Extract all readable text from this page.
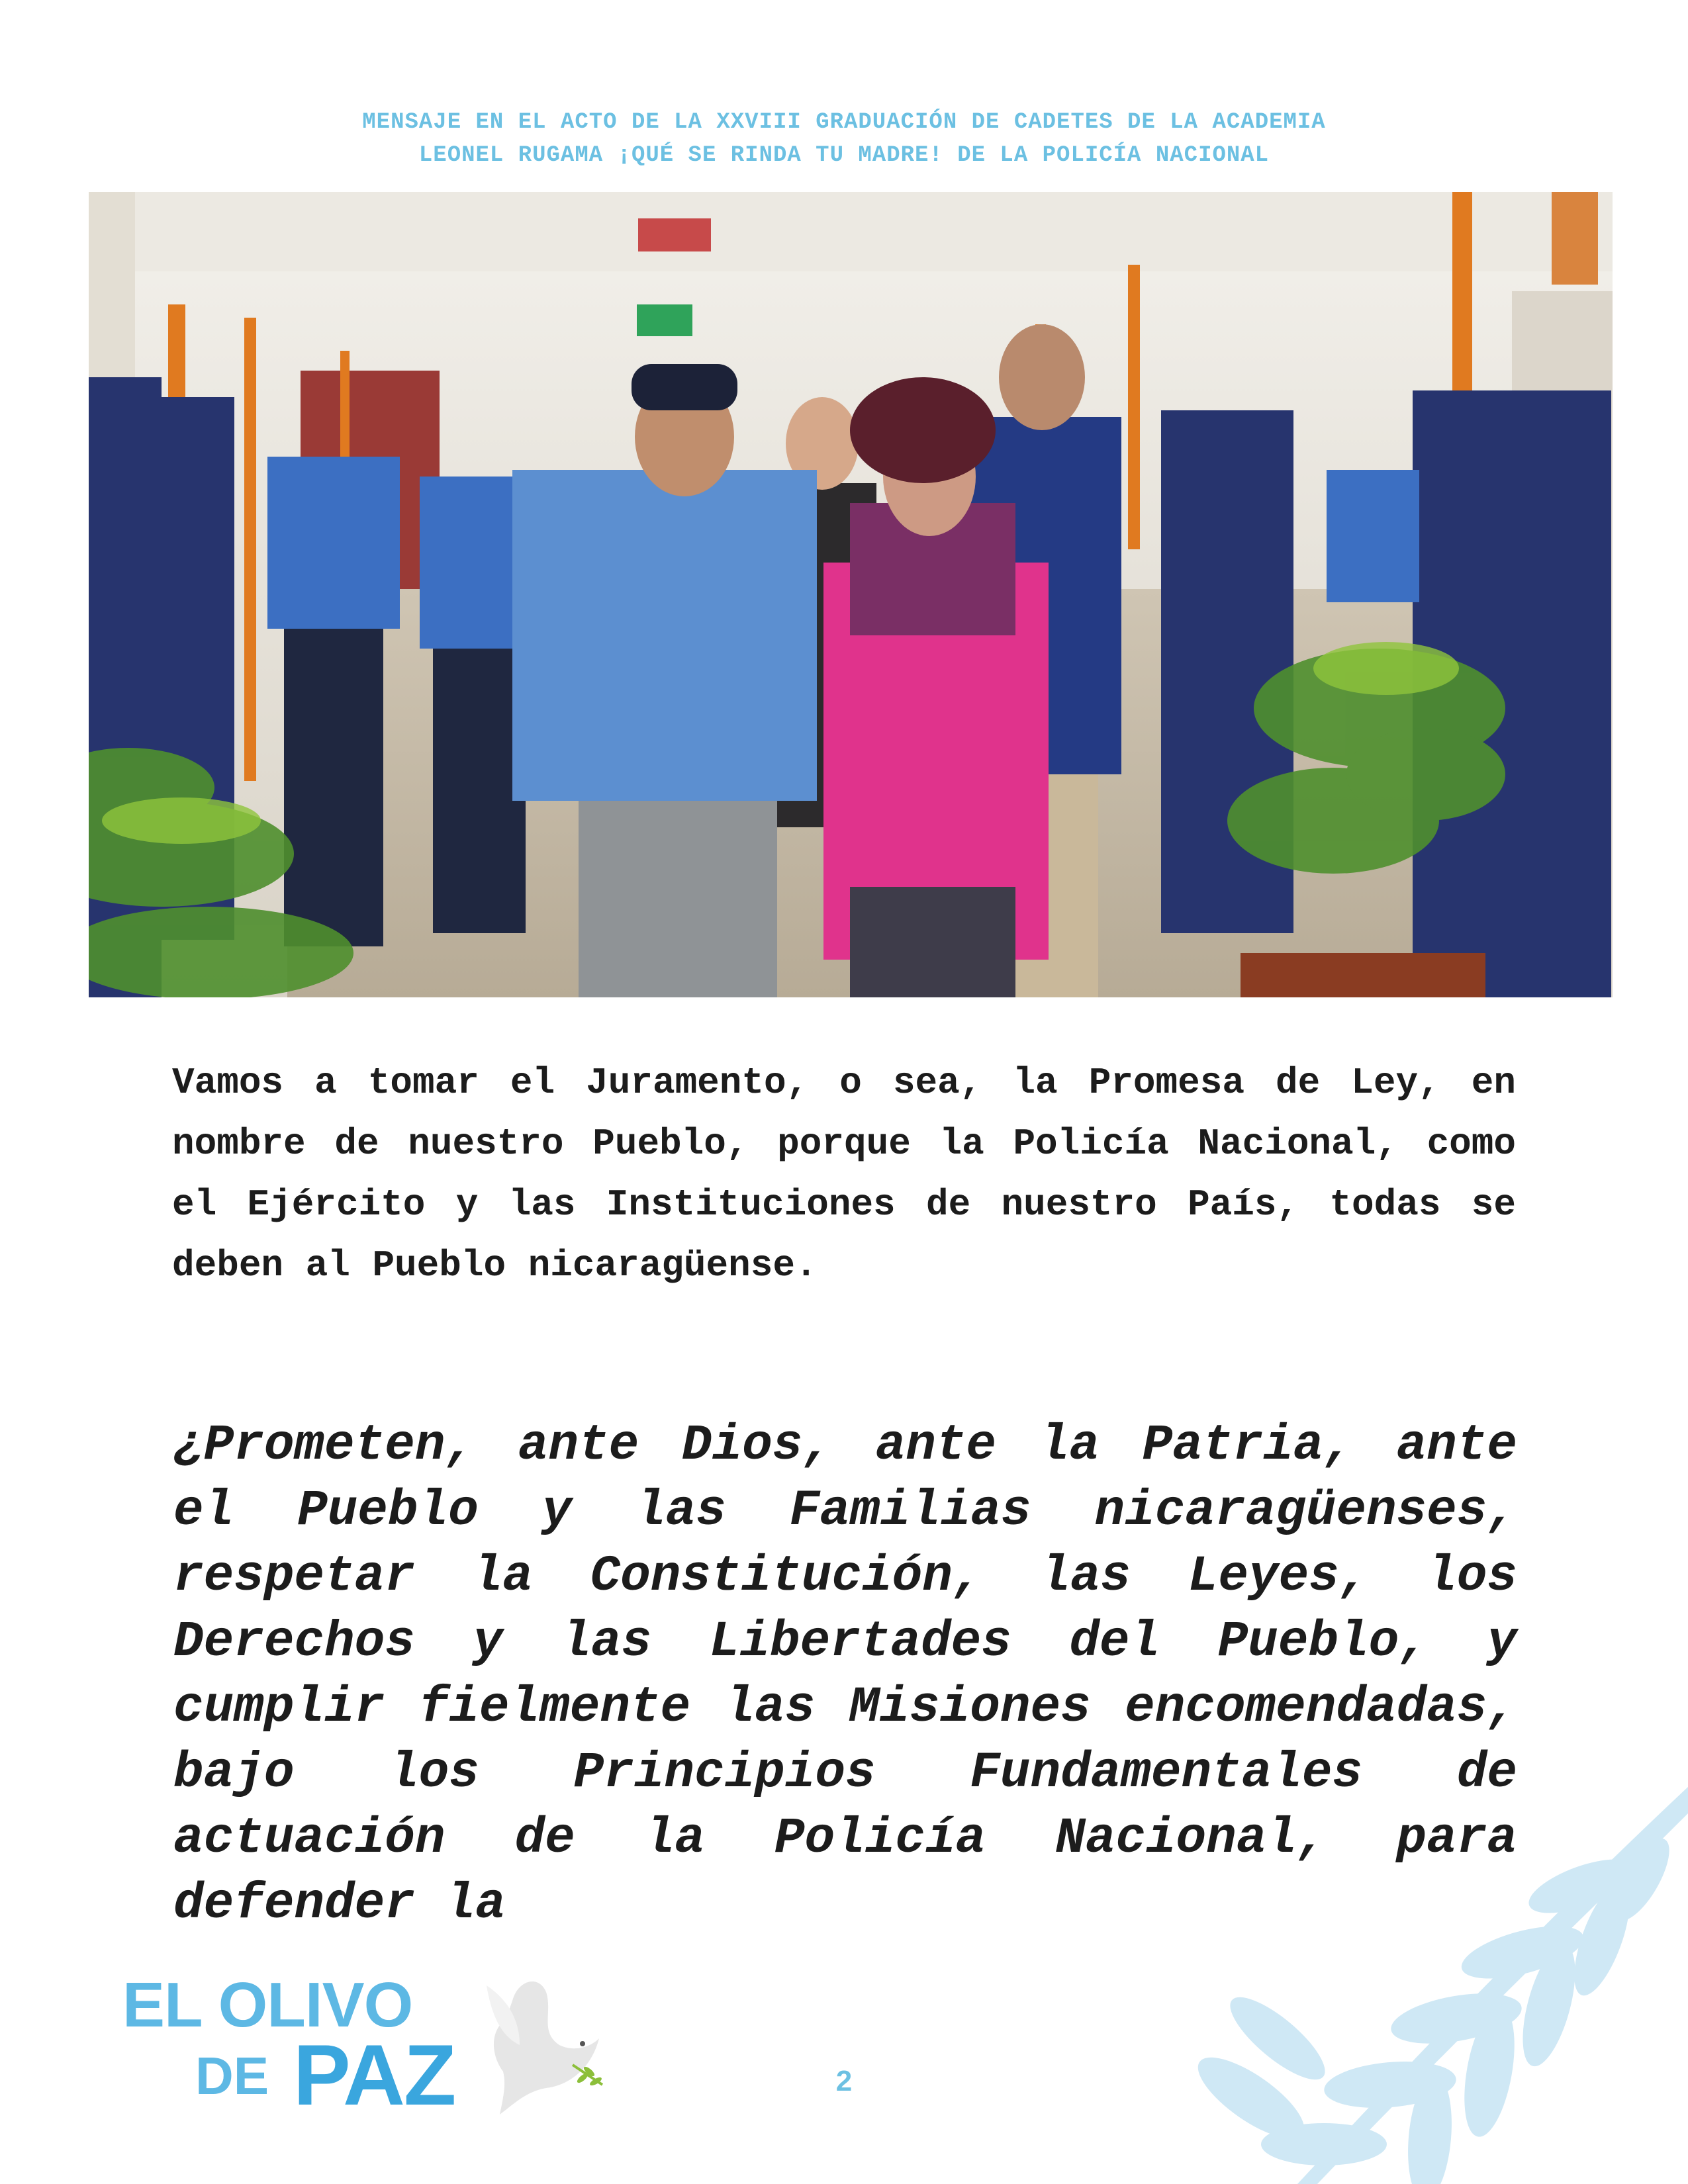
MENSAJE EN EL ACTO DE LA XXVIII GRADUACIÓN DE CADETES DE LA ACADEMIA
LEONEL RUGAMA ¡QUÉ SE RINDA TU MADRE! DE LA POLICÍA NACIONAL
Vamos a tomar el Juramento, o sea, la Promesa de Ley, en nombre de nuestro Pueblo, porque la Policía Nacional, como el Ejército y las Instituciones de nuestro País, todas se deben al Pueblo nicaragüense.
¿Prometen, ante Dios, ante la Patria, ante el Pueblo y las Familias nicaragüenses, respetar la Constitución, las Leyes, los Derechos y las Libertades del Pueblo, y cumplir fielmente las Misiones encomendadas, bajo los Principios Fundamentales de actuación de la Policía Nacional, para defender la
EL OLIVO
DE PAZ	2
